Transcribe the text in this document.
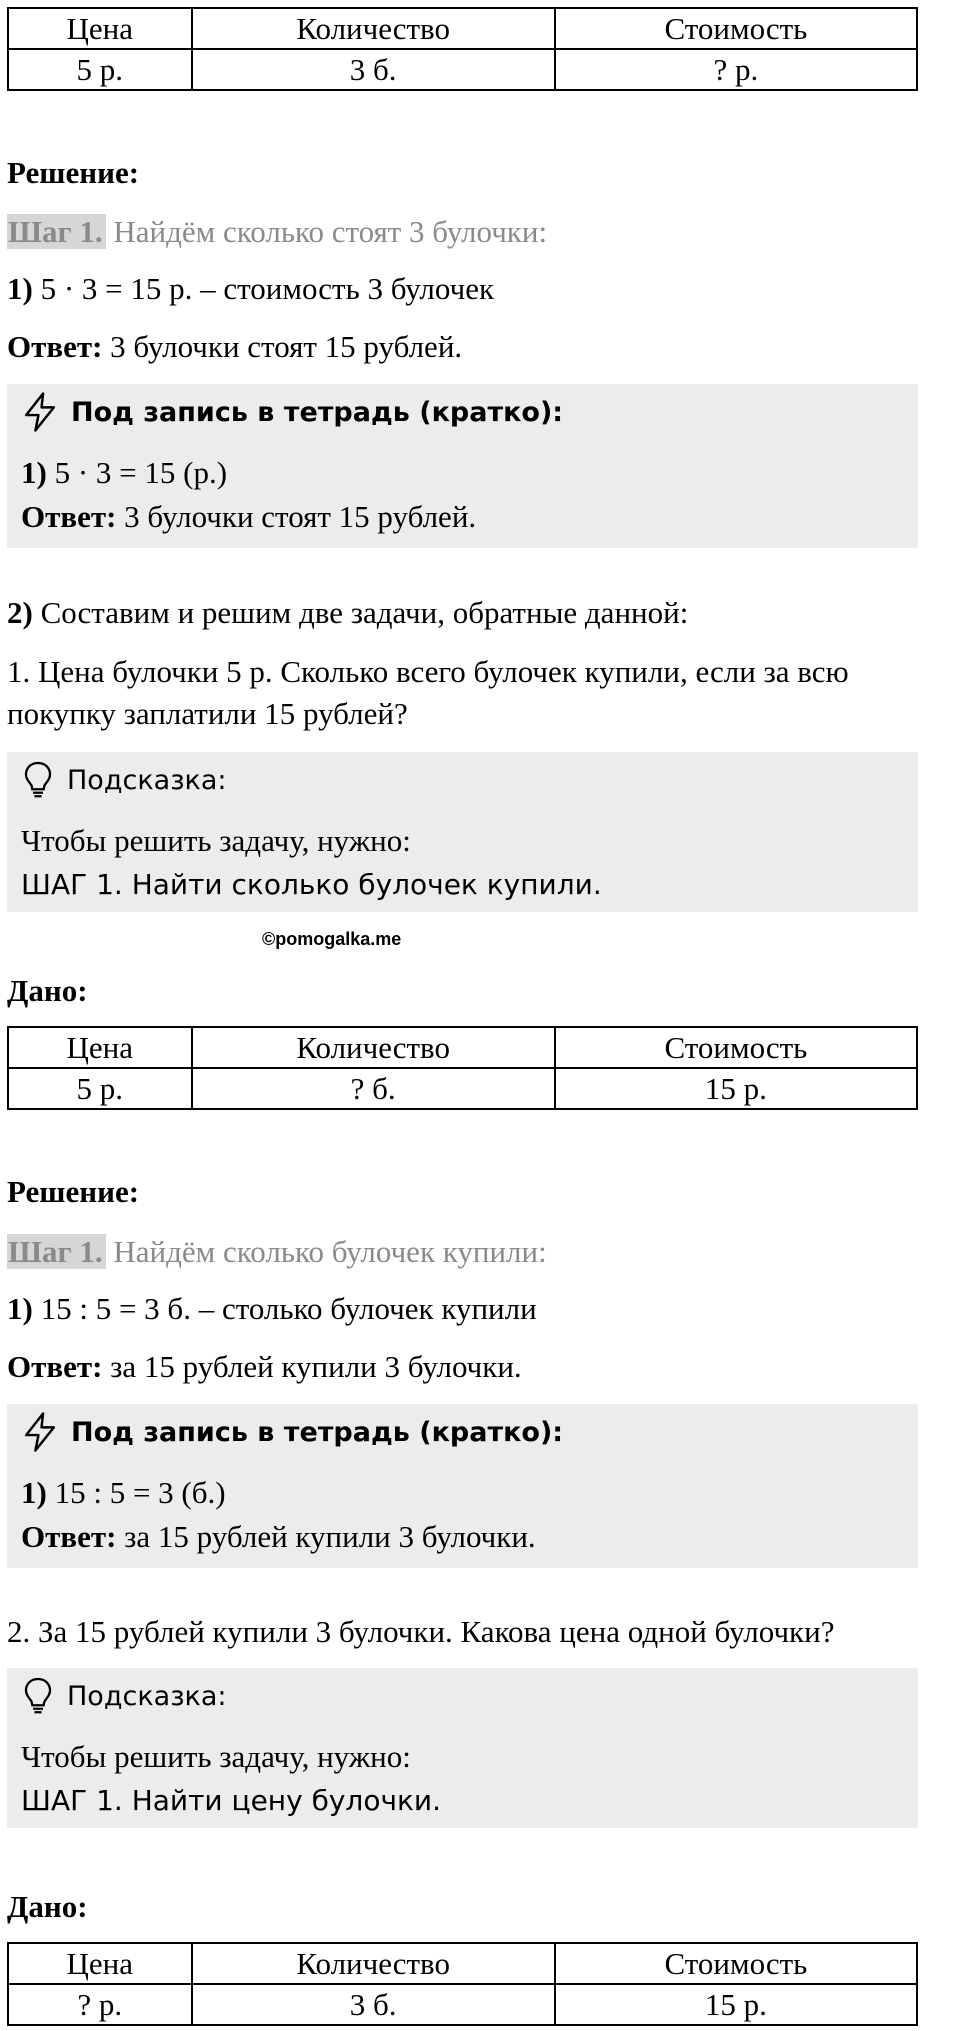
Цена	Количество	Стоимость
5 р.	3 б.	? р.
Решение:
Шаг 1. Найдём сколько стоят 3 булочки:
1) 5 · 3 = 15 р. – стоимость 3 булочек
Ответ: 3 булочки стоят 15 рублей.
Под запись в тетрадь (кратко):
1) 5 · 3 = 15 (р.)
Ответ: 3 булочки стоят 15 рублей.
2) Составим и решим две задачи, обратные данной:
1. Цена булочки 5 р. Сколько всего булочек купили, если за всю
покупку заплатили 15 рублей?
Подсказка:
Чтобы решить задачу, нужно:
ШАГ 1. Найти сколько булочек купили.
©pomogalka.me
Дано:
Цена	Количество	Стоимость
5 р.	? б.	15 р.
Решение:
Шаг 1. Найдём сколько булочек купили:
1) 15 : 5 = 3 б. – столько булочек купили
Ответ: за 15 рублей купили 3 булочки.
Под запись в тетрадь (кратко):
1) 15 : 5 = 3 (б.)
Ответ: за 15 рублей купили 3 булочки.
2. За 15 рублей купили 3 булочки. Какова цена одной булочки?
Подсказка:
Чтобы решить задачу, нужно:
ШАГ 1. Найти цену булочки.
Дано:
Цена	Количество	Стоимость
? р.	3 б.	15 р.
